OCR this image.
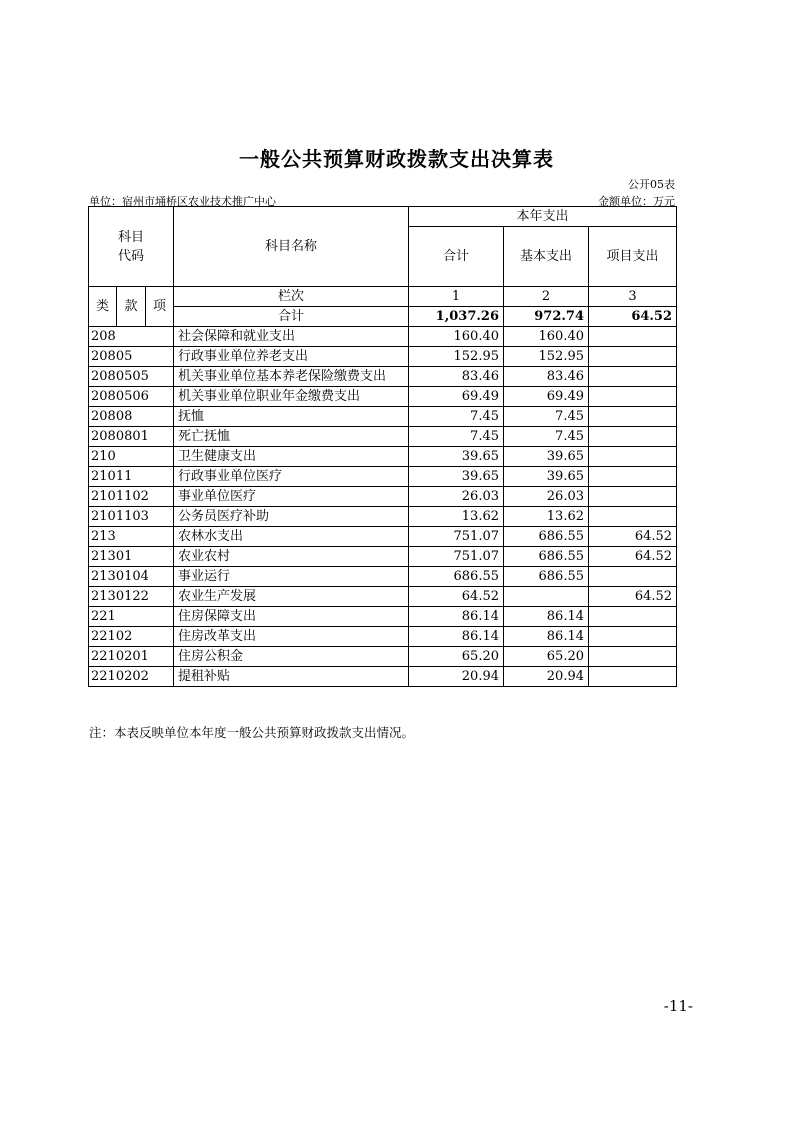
一般公共预算财政拨款支出决算表
公开05表
单位：宿州市埇桥区农业技术推广中心	金额单位：万元
科目
代码			科目名称	本年支出		
				合计	基本支出	项目支出
类	款	项	栏次	1	2	3
			合计	1,037.26	972.74	64.52
208			社会保障和就业支出	160.40	160.40	
20805			行政事业单位养老支出	152.95	152.95	
2080505			机关事业单位基本养老保险缴费支出	83.46	83.46	
2080506			机关事业单位职业年金缴费支出	69.49	69.49	
20808			抚恤	7.45	7.45	
2080801			死亡抚恤	7.45	7.45	
210			卫生健康支出	39.65	39.65	
21011			行政事业单位医疗	39.65	39.65	
2101102			事业单位医疗	26.03	26.03	
2101103			公务员医疗补助	13.62	13.62	
213			农林水支出	751.07	686.55	64.52
21301			农业农村	751.07	686.55	64.52
2130104			事业运行	686.55	686.55	
2130122			农业生产发展	64.52		64.52
221			住房保障支出	86.14	86.14	
22102			住房改革支出	86.14	86.14	
2210201			住房公积金	65.20	65.20	
2210202			提租补贴	20.94	20.94	
注：本表反映单位本年度一般公共预算财政拨款支出情况。
-11-
